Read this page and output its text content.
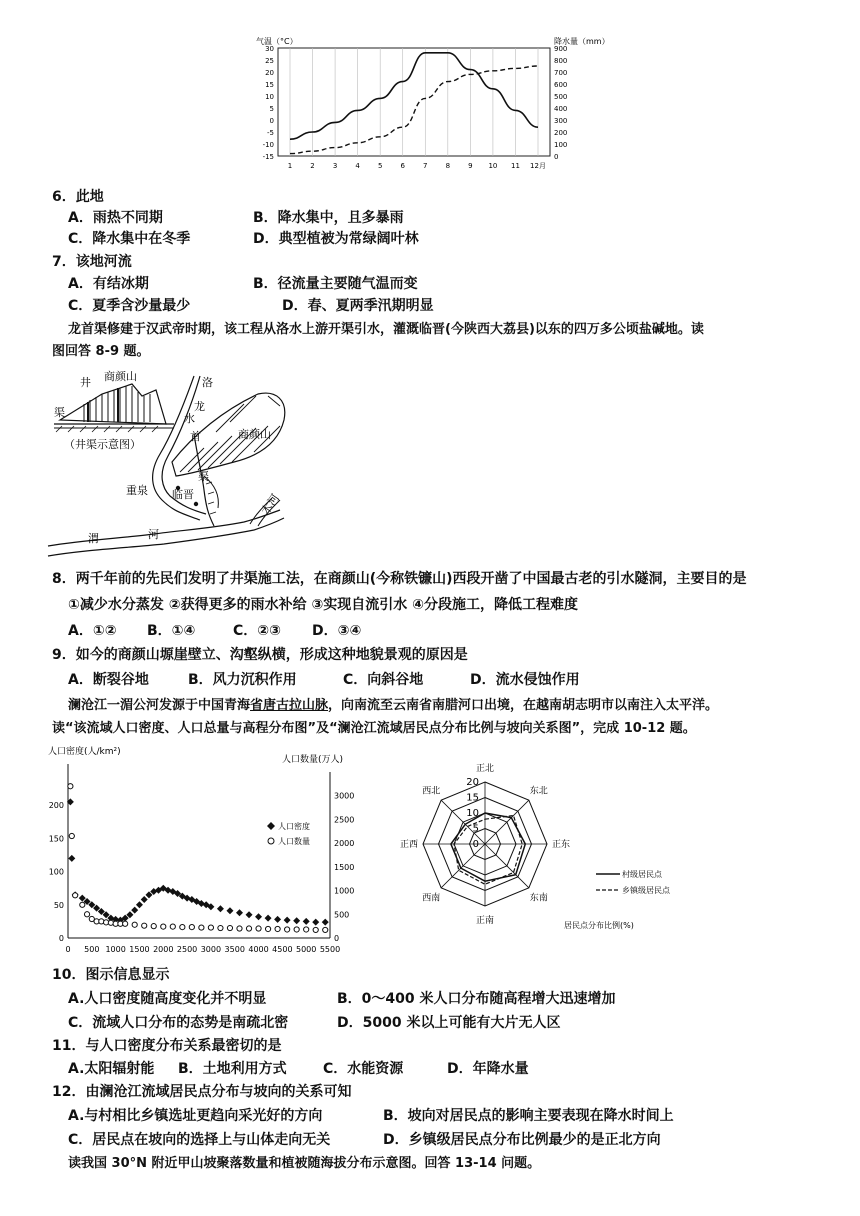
30
25
20
15
10
5
0
-5
-10
-15
900
800
700
600
500
400
300
200
100
0
1	2	3	4	5	6	7	8	9 10 11 12月
气温（°C）	降水量（mm）
6．此地
A．雨热不同期	B．降水集中，且多暴雨
C．降水集中在冬季	D．典型植被为常绿阔叶林
7．该地河流
A．有结冰期	B．径流量主要随气温而变
C．夏季含沙量最少	D．春、夏两季汛期明显
龙首渠修建于汉武帝时期，该工程从洛水上游开渠引水，灌溉临晋(今陕西大荔县)以东的四万多公顷盐碱地。读
图回答 8-9 题。
井 商颜山
渠
（井渠示意图）
洛
水
龙
首
渠
重泉 临晋
商颜山
渭	河
木河
8．两千年前的先民们发明了井渠施工法，在商颜山(今称铁镰山)西段开凿了中国最古老的引水隧洞，主要目的是
①减少水分蒸发 ②获得更多的雨水补给 ③实现自流引水 ④分段施工，降低工程难度
A．①② B．①④	C．②③ D．③④
9．如今的商颜山塬崖壁立、沟壑纵横，形成这种地貌景观的原因是
A．断裂谷地	B．风力沉积作用	C．向斜谷地	D．流水侵蚀作用
澜沧江一湄公河发源于中国青海省唐古拉山脉，向南流至云南省南腊河口出境，在越南胡志明市以南注入太平洋。
读“该流域人口密度、人口总量与高程分布图”及“澜沧江流域居民点分布比例与坡向关系图”，完成 10-12 题。
人口密度(人/km²)
人口数量(万人)
200
150
100
50
0
3000
2500
2000
1500
1000
500
0
0 500 1000 1500 2000 2500 3000 3500 4000 4500 5000 5500
人口密度
人口数量
正北
东北
正东
东南
正南
西南
正西
西北
0
5
10
15
20
村级居民点
乡镇级居民点
居民点分布比例(%)
10．图示信息显示
A.人口密度随高度变化并不明显	B．0～400 米人口分布随高程增大迅速增加
C．流域人口分布的态势是南疏北密	D．5000 米以上可能有大片无人区
11．与人口密度分布关系最密切的是
A.太阳辐射能 B．土地利用方式	C．水能资源	D．年降水量
12．由澜沧江流域居民点分布与坡向的关系可知
A.与村相比乡镇选址更趋向采光好的方向	B．坡向对居民点的影响主要表现在降水时间上
C．居民点在坡向的选择上与山体走向无关	D．乡镇级居民点分布比例最少的是正北方向
读我国 30°N 附近甲山坡聚落数量和植被随海拔分布示意图。回答 13-14 问题。
